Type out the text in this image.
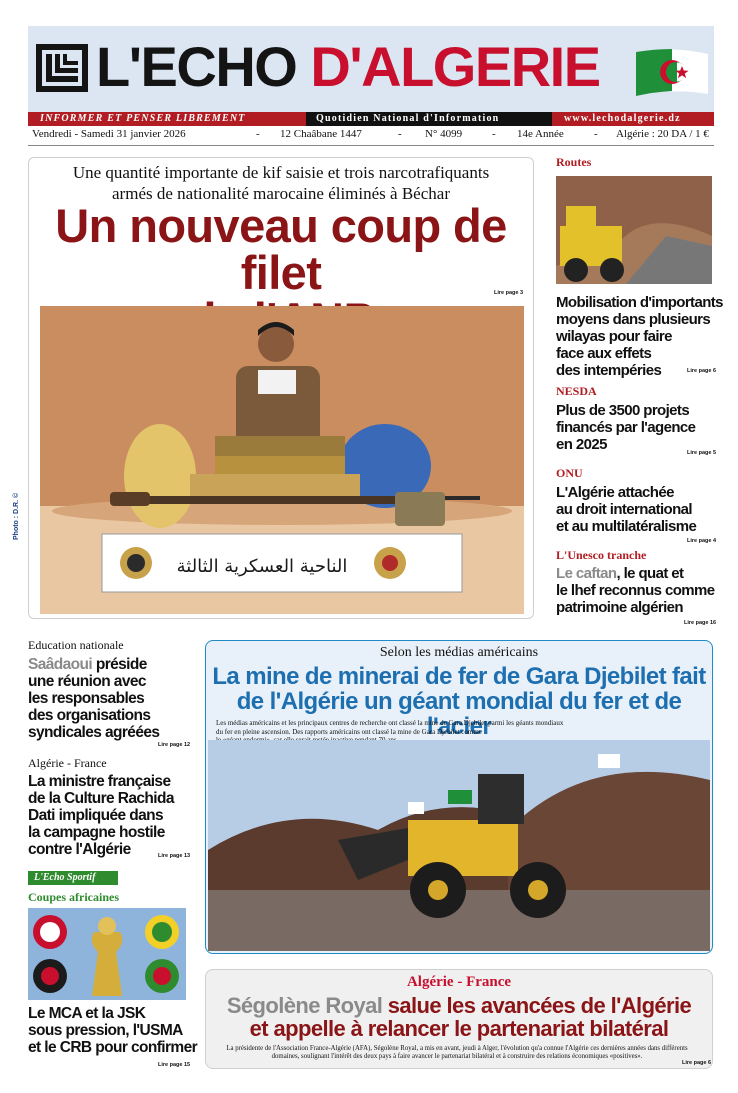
L'ECHO D'ALGERIE
INFORMER ET PENSER LIBREMENT	Quotidien National d'Information	www.lechodalgerie.dz
Vendredi - Samedi 31 janvier 2026	- 12 Chaâbane 1447	- N° 4099	- 14e Année	- Algérie : 20 DA / 1 €
Une quantité importante de kif saisie et trois narcotrafiquants
armés de nationalité marocaine éliminés à Béchar
Un nouveau coup de filet	Lire page 3
الناحية العسكرية الثالثة
Photo : D.R. ©
Routes
Mobilisation d'importants
moyens dans plusieurs
wilayas pour faire
face aux effets
des intempéries	Lire page 6
NESDA
Plus de 3500 projets
financés par l'agence
en 2025	Lire page 5
ONU
L'Algérie attachée
au droit international
et au multilatéralisme
Lire page 4
L'Unesco tranche
Le caftan, le quat et
le lhef reconnus comme
patrimoine algérien
Lire page 16
Education nationale
Saâdaoui préside
une réunion avec
les responsables
des organisations
syndicales agréées
Lire page 12
Algérie - France
La ministre française
de la Culture Rachida
Dati impliquée dans
la campagne hostile
contre l'Algérie	Lire page 13
L'Echo Sportif
Coupes africaines
Le MCA et la JSK
sous pression, l'USMA
et le CRB pour confirmer
Lire page 15
Selon les médias américains
La mine de minerai de fer de Gara Djebilet fait
de l'Algérie un géant mondial du fer et de l'acier
Les médias américains et les principaux centres de recherche ont classé la mine de Gara Djebilet parmi les géants mondiaux
du fer en pleine ascension. Des rapports américains ont classé la mine de Gara Djebilet comme
Algérie - France
Ségolène Royal salue les avancées de l'Algérie
et appelle à relancer le partenariat bilatéral
La présidente de l'Association France-Algérie (AFA), Ségolène Royal, a mis en avant, jeudi à Alger, l'évolution qu'a connue l'Algérie ces dernières années dans différents
domaines, soulignant l'intérêt des deux pays à faire avancer le partenariat bilatéral et à construire des relations économiques «positives».
Lire page 6
